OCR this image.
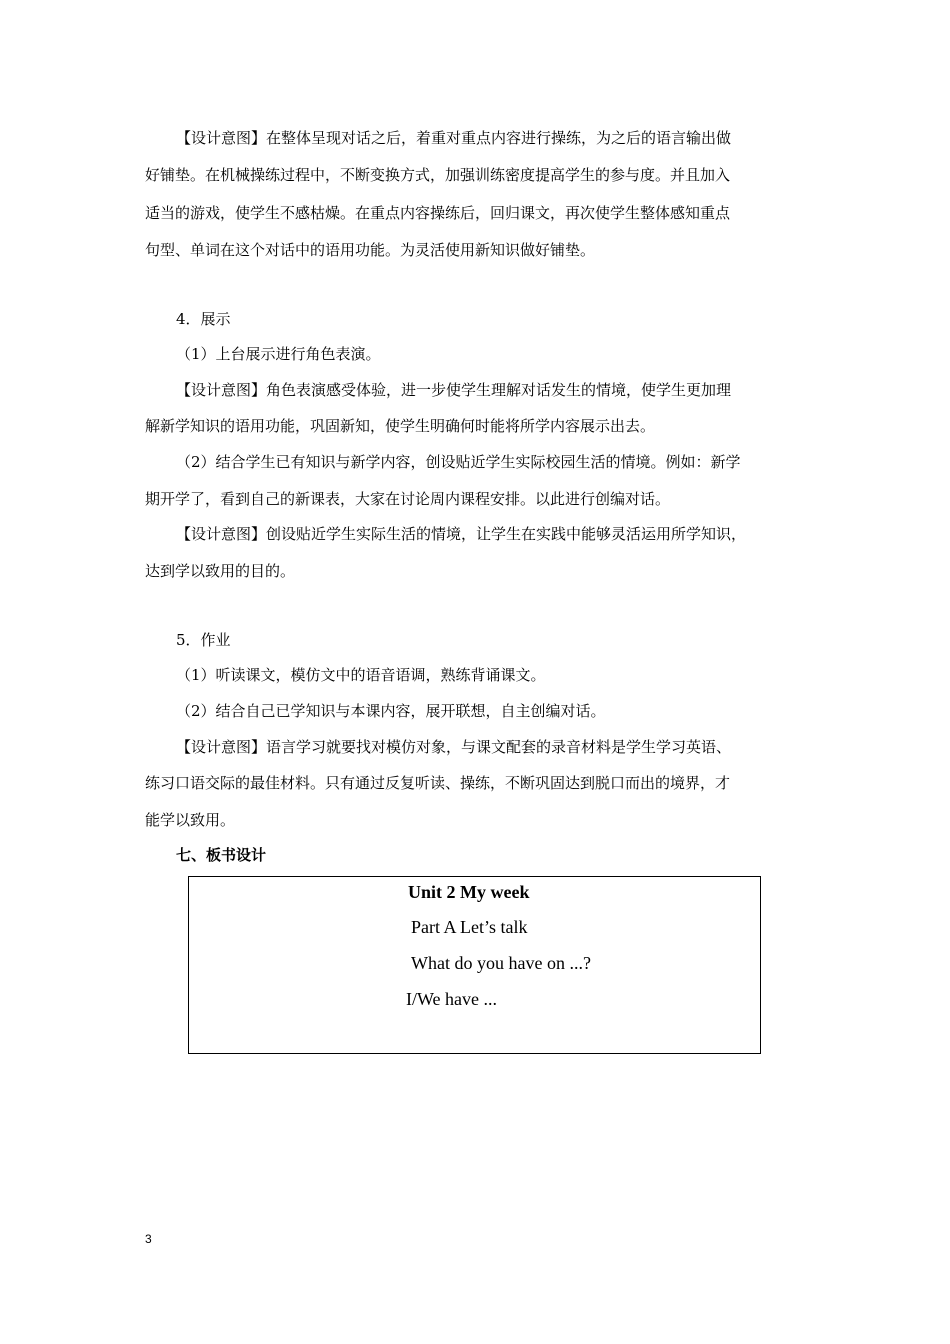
【设计意图】在整体呈现对话之后，着重对重点内容进行操练，为之后的语言输出做
好铺垫。在机械操练过程中，不断变换方式，加强训练密度提高学生的参与度。并且加入
适当的游戏，使学生不感枯燥。在重点内容操练后，回归课文，再次使学生整体感知重点
句型、单词在这个对话中的语用功能。为灵活使用新知识做好铺垫。
4．展示
（1）上台展示进行角色表演。
【设计意图】角色表演感受体验，进一步使学生理解对话发生的情境，使学生更加理
解新学知识的语用功能，巩固新知，使学生明确何时能将所学内容展示出去。
（2）结合学生已有知识与新学内容，创设贴近学生实际校园生活的情境。例如：新学
期开学了，看到自己的新课表，大家在讨论周内课程安排。以此进行创编对话。
【设计意图】创设贴近学生实际生活的情境，让学生在实践中能够灵活运用所学知识，
达到学以致用的目的。
5．作业
（1）听读课文，模仿文中的语音语调，熟练背诵课文。
（2）结合自己已学知识与本课内容，展开联想，自主创编对话。
【设计意图】语言学习就要找对模仿对象，与课文配套的录音材料是学生学习英语、
练习口语交际的最佳材料。只有通过反复听读、操练，不断巩固达到脱口而出的境界，才
能学以致用。
七、板书设计
Unit 2 My week
Part A Let’s talk
What do you have on ...?
I/We have ...
3
